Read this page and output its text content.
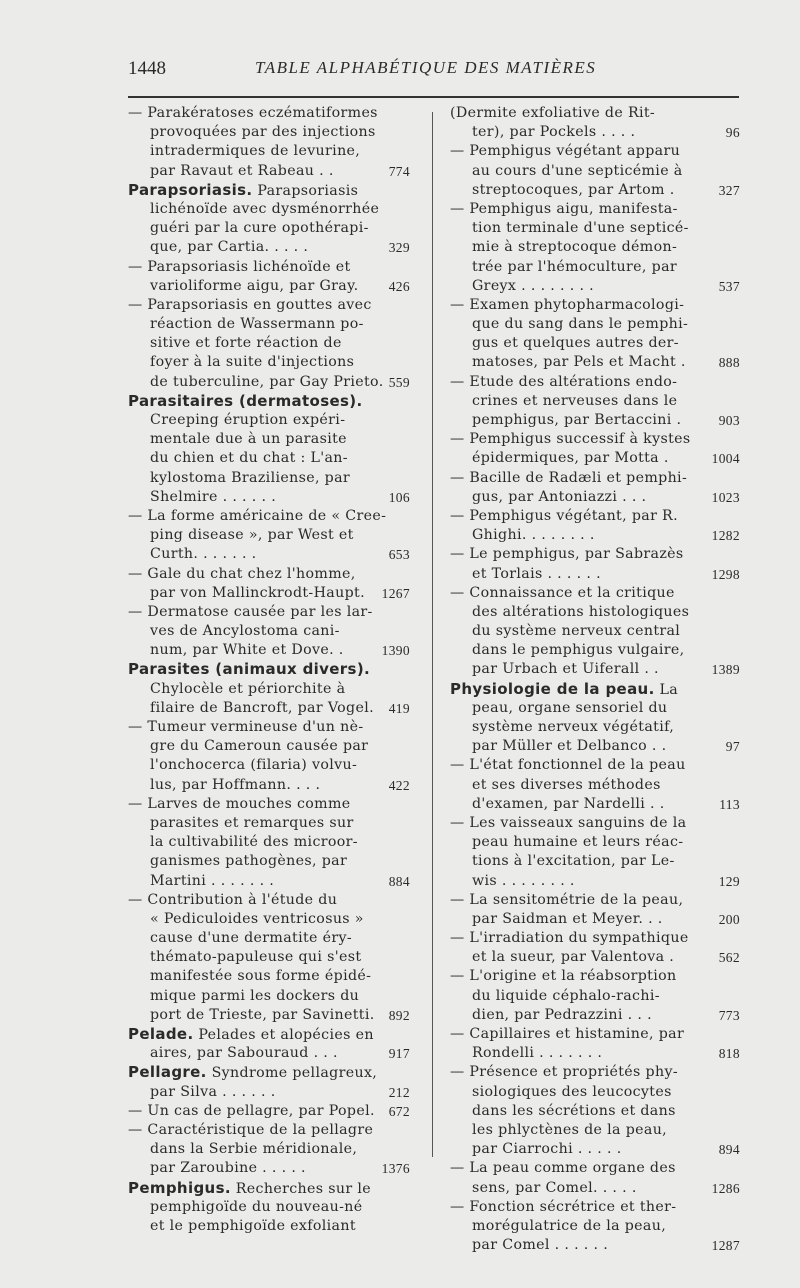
1448	TABLE ALPHABÉTIQUE DES MATIÈRES
— Parakératoses eczématiformes
provoquées par des injections
intradermiques de levurine,
par Ravaut et Rabeau . .	774
Parapsoriasis. Parapsoriasis
lichénoïde avec dysménorrhée
guéri par la cure opothérapi-
que, par Cartia. . . . .	329
— Parapsoriasis lichénoïde et
varioliforme aigu, par Gray. 426
— Parapsoriasis en gouttes avec
réaction de Wassermann po-
sitive et forte réaction de
foyer à la suite d'injections
de tuberculine, par Gay Prieto. 559
Parasitaires (dermatoses).
Creeping éruption expéri-
mentale due à un parasite
du chien et du chat : L'an-
kylostoma Braziliense, par
Shelmire . . . . . .	106
— La forme américaine de « Cree-
ping disease », par West et
Curth. . . . . . .	653
— Gale du chat chez l'homme,
par von Mallinckrodt-Haupt. 1267
— Dermatose causée par les lar-
ves de Ancylostoma cani-
num, par White et Dove. .	1390
Parasites (animaux divers).
Chylocèle et périorchite à
filaire de Bancroft, par Vogel. 419
— Tumeur vermineuse d'un nè-
gre du Cameroun causée par
l'onchocerca (filaria) volvu-
lus, par Hoffmann. . . .	422
— Larves de mouches comme
parasites et remarques sur
la cultivabilité des microor-
ganismes pathogènes, par
Martini . . . . . . .	884
— Contribution à l'étude du
« Pediculoides ventricosus »
cause d'une dermatite éry-
thémato-papuleuse qui s'est
manifestée sous forme épidé-
mique parmi les dockers du
port de Trieste, par Savinetti. 892
Pelade. Pelades et alopécies en
aires, par Sabouraud . . .	917
Pellagre. Syndrome pellagreux,
par Silva . . . . . .	212
— Un cas de pellagre, par Popel. 672
— Caractéristique de la pellagre
dans la Serbie méridionale,
par Zaroubine . . . . .	1376
Pemphigus. Recherches sur le
pemphigoïde du nouveau-né
et le pemphigoïde exfoliant
(Dermite exfoliative de Rit-
ter), par Pockels . . . .	96
— Pemphigus végétant apparu
au cours d'une septicémie à
streptocoques, par Artom .	327
— Pemphigus aigu, manifesta-
tion terminale d'une septicé-
mie à streptocoque démon-
trée par l'hémoculture, par
Greyx . . . . . . . .	537
— Examen phytopharmacologi-
que du sang dans le pemphi-
gus et quelques autres der-
matoses, par Pels et Macht . 888
— Etude des altérations endo-
crines et nerveuses dans le
pemphigus, par Bertaccini .	903
— Pemphigus successif à kystes
épidermiques, par Motta .	1004
— Bacille de Radæli et pemphi-
gus, par Antoniazzi . . .	1023
— Pemphigus végétant, par R.
Ghighi. . . . . . . .	1282
— Le pemphigus, par Sabrazès
et Torlais . . . . . .	1298
— Connaissance et la critique
des altérations histologiques
du système nerveux central
dans le pemphigus vulgaire,
par Urbach et Uiferall . .	1389
Physiologie de la peau. La
peau, organe sensoriel du
système nerveux végétatif,
par Müller et Delbanco . .	97
— L'état fonctionnel de la peau
et ses diverses méthodes
d'examen, par Nardelli . .	113
— Les vaisseaux sanguins de la
peau humaine et leurs réac-
tions à l'excitation, par Le-
wis . . . . . . . .	129
— La sensitométrie de la peau,
par Saidman et Meyer. . .	200
— L'irradiation du sympathique
et la sueur, par Valentova .	562
— L'origine et la réabsorption
du liquide céphalo-rachi-
dien, par Pedrazzini . . .	773
— Capillaires et histamine, par
Rondelli . . . . . . .	818
— Présence et propriétés phy-
siologiques des leucocytes
dans les sécrétions et dans
les phlyctènes de la peau,
par Ciarrochi . . . . .	894
— La peau comme organe des
sens, par Comel. . . . .	1286
— Fonction sécrétrice et ther-
morégulatrice de la peau,
par Comel . . . . . .	1287
